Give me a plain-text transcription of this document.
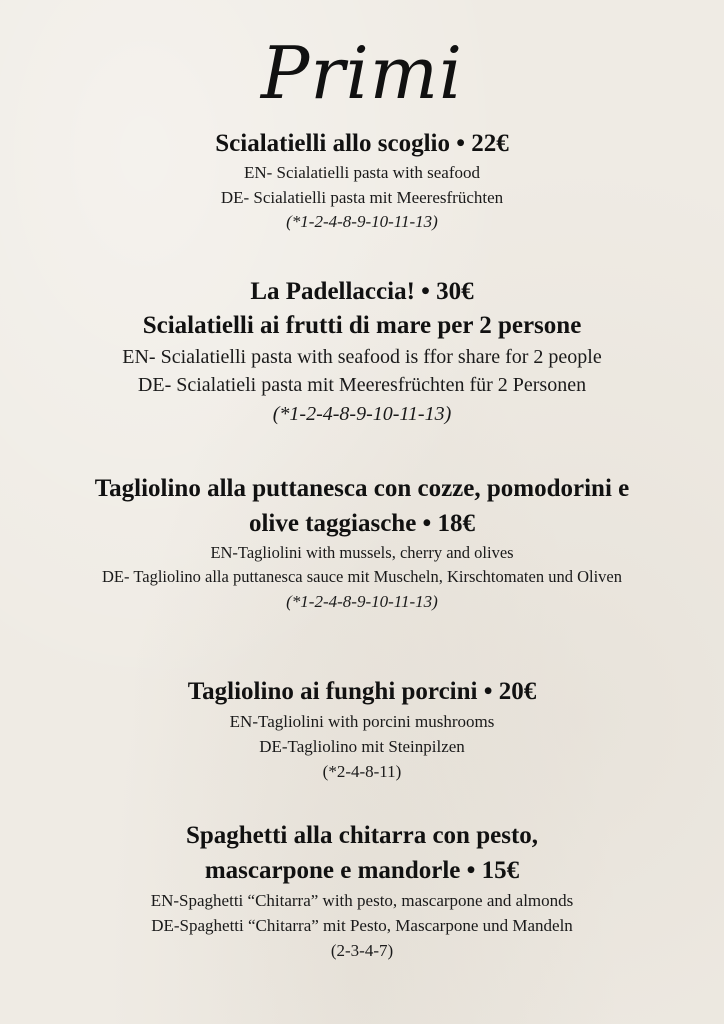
Primi
Scialatielli allo scoglio • 22€
EN- Scialatielli pasta with seafood
DE- Scialatielli pasta mit Meeresfrüchten
(*1-2-4-8-9-10-11-13)
La Padellaccia! • 30€
Scialatielli ai frutti di mare per 2 persone
EN- Scialatielli pasta with seafood is ffor share for 2 people
DE- Scialatieli pasta mit Meeresfrüchten für 2 Personen
(*1-2-4-8-9-10-11-13)
Tagliolino alla puttanesca con cozze, pomodorini e
olive taggiasche • 18€
EN-Tagliolini with mussels, cherry and olives
DE- Tagliolino alla puttanesca sauce mit Muscheln, Kirschtomaten und Oliven
(*1-2-4-8-9-10-11-13)
Tagliolino ai funghi porcini • 20€
EN-Tagliolini with porcini mushrooms
DE-Tagliolino mit Steinpilzen
(*2-4-8-11)
Spaghetti alla chitarra con pesto,
mascarpone e mandorle • 15€
EN-Spaghetti “Chitarra” with pesto, mascarpone and almonds
DE-Spaghetti “Chitarra” mit Pesto, Mascarpone und Mandeln
(2-3-4-7)
